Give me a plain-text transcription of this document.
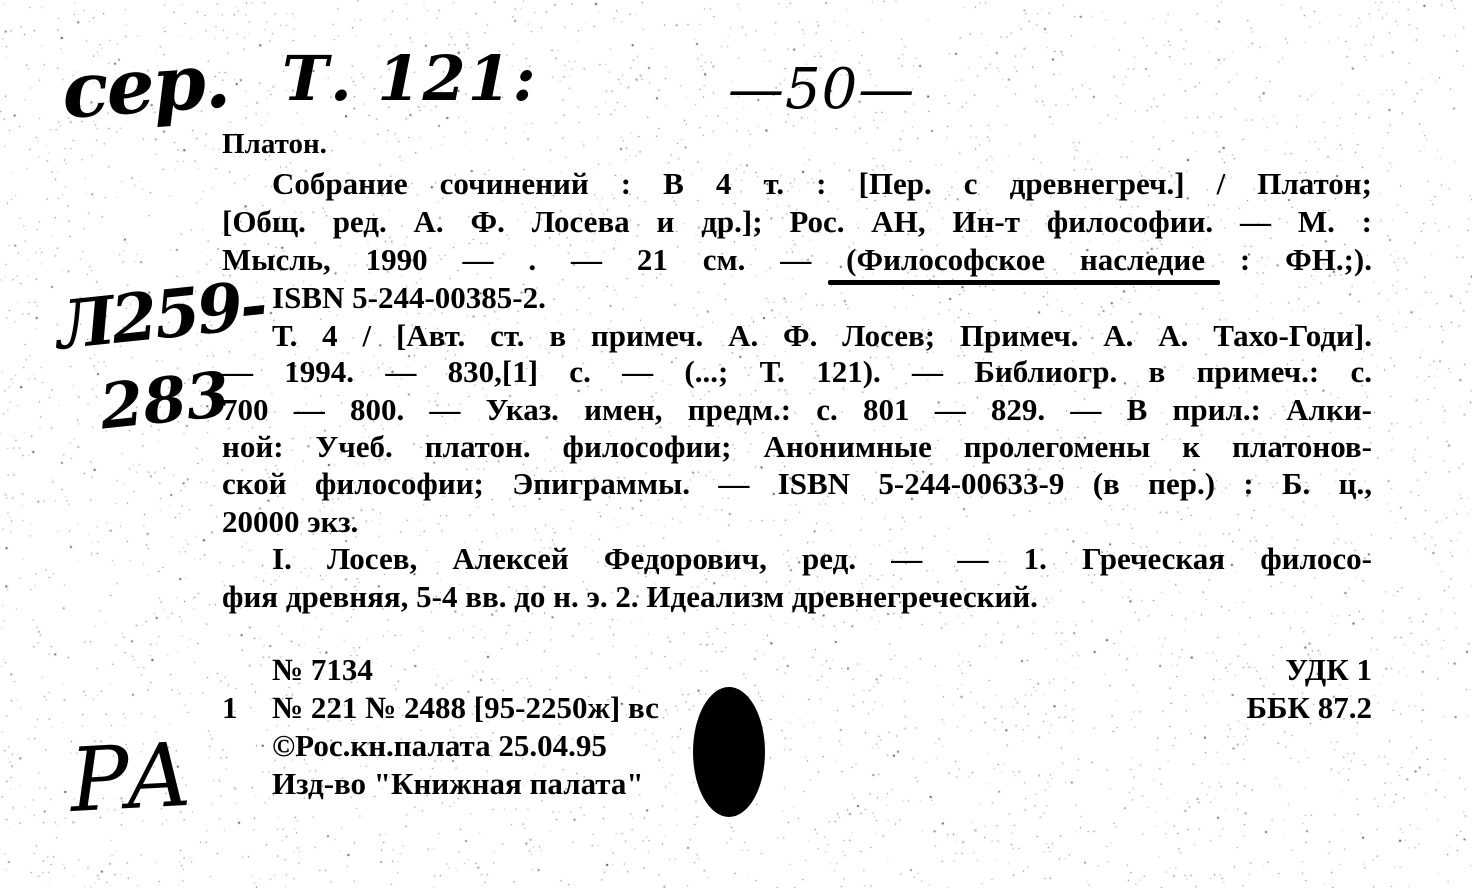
сер. Т. 121:	—50—
Л259-
283
РА
Платон.
Собрание сочинений : В 4 т. : [Пер. с древнегреч.] / Платон;
[Общ. ред. А. Ф. Лосева и др.]; Рос. АН, Ин-т философии. — М. :
Мысль, 1990 — . — 21 см. — (Философское наследие : ФН.;).
ISBN 5-244-00385-2.
Т. 4 / [Авт. ст. в примеч. А. Ф. Лосев; Примеч. А. А. Тахо-Годи].
— 1994. — 830,[1] с. — (...; Т. 121). — Библиогр. в примеч.: с.
700 — 800. — Указ. имен, предм.: с. 801 — 829. — В прил.: Алки-
ной: Учеб. платон. философии; Анонимные пролегомены к платонов-
ской философии; Эпиграммы. — ISBN 5-244-00633-9 (в пер.) : Б. ц.,
20000 экз.
I. Лосев, Алексей Федорович, ред. — — 1. Греческая филосо-
фия древняя, 5-4 вв. до н. э. 2. Идеализм древнегреческий.
№ 7134
1 № 221 № 2488 [95-2250ж] вс
©Рос.кн.палата 25.04.95
Изд-во "Книжная палата"
УДК 1
ББК 87.2
